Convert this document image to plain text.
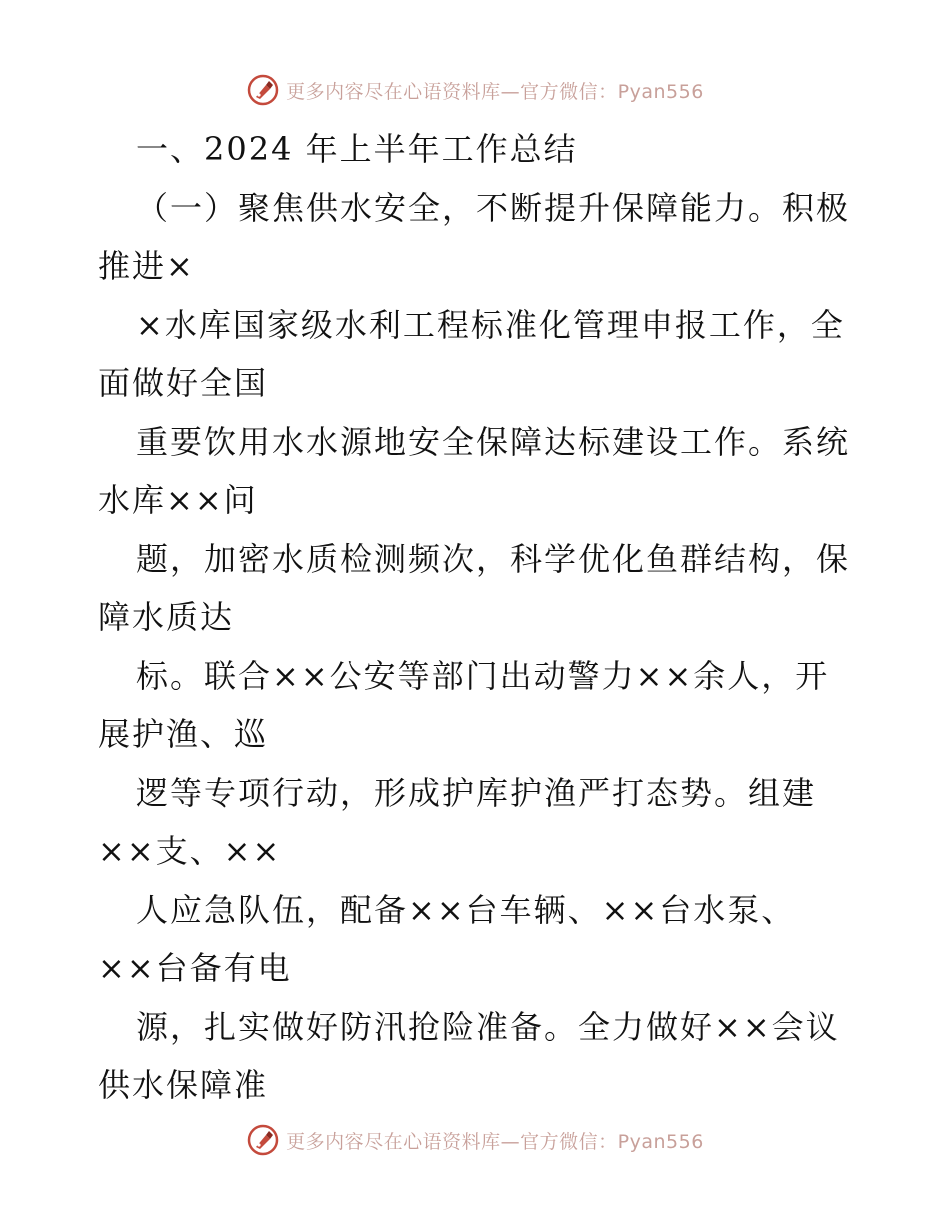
更多内容尽在心语资料库—官方微信：Pyan556
一、2024 年上半年工作总结
（一）聚焦供水安全，不断提升保障能力。积极
推进×
×水库国家级水利工程标准化管理申报工作，全
面做好全国
重要饮用水水源地安全保障达标建设工作。系统
水库××问
题，加密水质检测频次，科学优化鱼群结构，保
障水质达
标。联合××公安等部门出动警力××余人，开
展护渔、巡
逻等专项行动，形成护库护渔严打态势。组建
××支、××
人应急队伍，配备××台车辆、××台水泵、
××台备有电
源，扎实做好防汛抢险准备。全力做好××会议
供水保障准
更多内容尽在心语资料库—官方微信：Pyan556
